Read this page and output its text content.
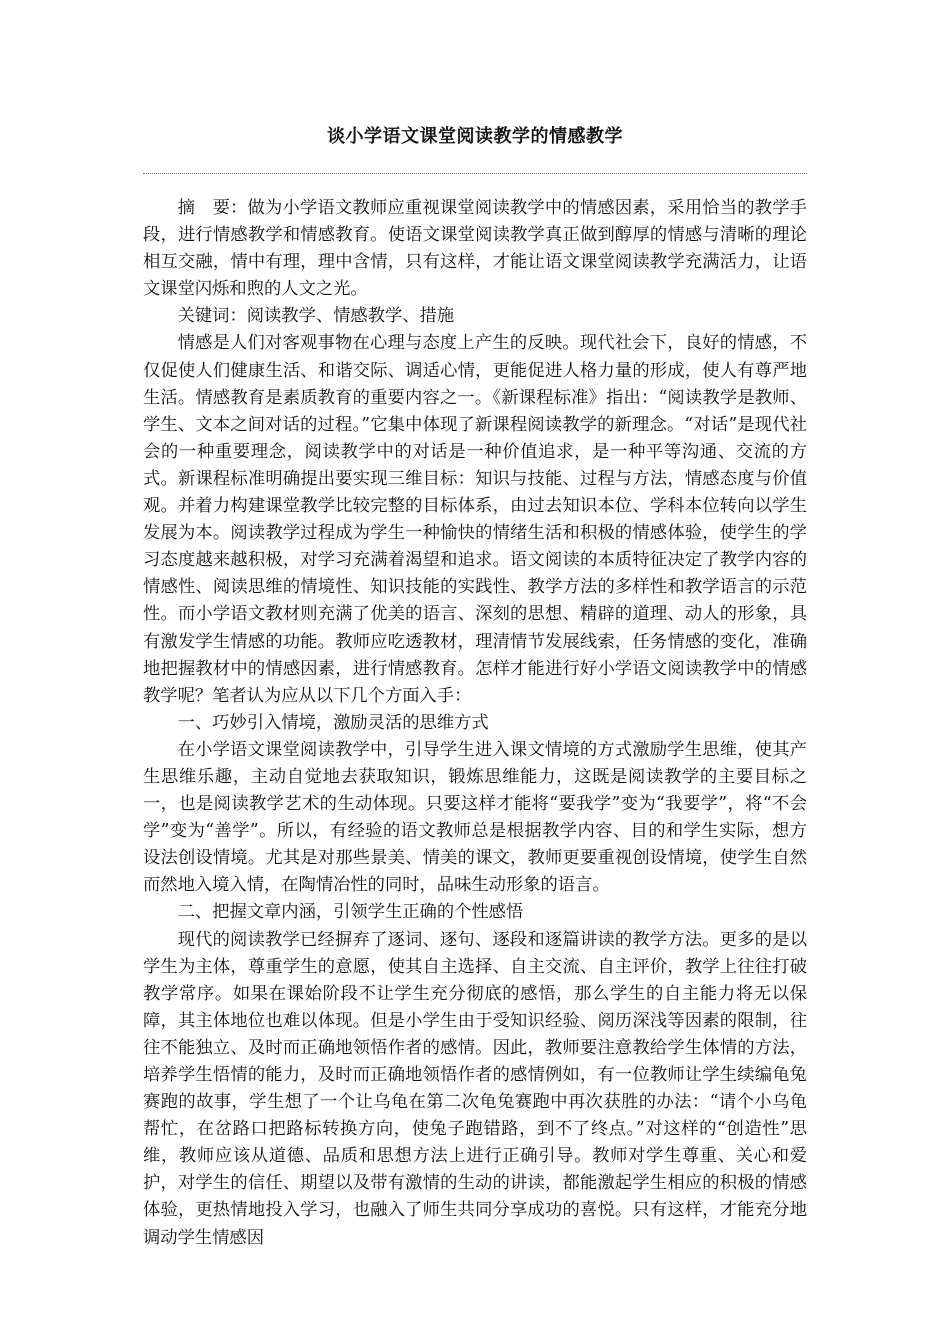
谈小学语文课堂阅读教学的情感教学

摘　要：做为小学语文教师应重视课堂阅读教学中的情感因素，采用恰当的教学手段，进行情感教学和情感教育。使语文课堂阅读教学真正做到醇厚的情感与清晰的理论相互交融，情中有理，理中含情，只有这样，才能让语文课堂阅读教学充满活力，让语文课堂闪烁和煦的人文之光。

关键词：阅读教学、情感教学、措施

情感是人们对客观事物在心理与态度上产生的反映。现代社会下，良好的情感，不仅促使人们健康生活、和谐交际、调适心情，更能促进人格力量的形成，使人有尊严地生活。情感教育是素质教育的重要内容之一。《新课程标准》指出：“阅读教学是教师、学生、文本之间对话的过程。”它集中体现了新课程阅读教学的新理念。“对话”是现代社会的一种重要理念，阅读教学中的对话是一种价值追求，是一种平等沟通、交流的方式。新课程标准明确提出要实现三维目标：知识与技能、过程与方法，情感态度与价值观。并着力构建课堂教学比较完整的目标体系，由过去知识本位、学科本位转向以学生发展为本。阅读教学过程成为学生一种愉快的情绪生活和积极的情感体验，使学生的学习态度越来越积极，对学习充满着渴望和追求。语文阅读的本质特征决定了教学内容的情感性、阅读思维的情境性、知识技能的实践性、教学方法的多样性和教学语言的示范性。而小学语文教材则充满了优美的语言、深刻的思想、精辟的道理、动人的形象，具有激发学生情感的功能。教师应吃透教材，理清情节发展线索，任务情感的变化，准确地把握教材中的情感因素，进行情感教育。怎样才能进行好小学语文阅读教学中的情感教学呢？笔者认为应从以下几个方面入手：

一、巧妙引入情境，激励灵活的思维方式

在小学语文课堂阅读教学中，引导学生进入课文情境的方式激励学生思维，使其产生思维乐趣，主动自觉地去获取知识，锻炼思维能力，这既是阅读教学的主要目标之一，也是阅读教学艺术的生动体现。只要这样才能将“要我学”变为“我要学”，将“不会学”变为“善学”。所以，有经验的语文教师总是根据教学内容、目的和学生实际，想方设法创设情境。尤其是对那些景美、情美的课文，教师更要重视创设情境，使学生自然而然地入境入情，在陶情冶性的同时，品味生动形象的语言。

二、把握文章内涵，引领学生正确的个性感悟

现代的阅读教学已经摒弃了逐词、逐句、逐段和逐篇讲读的教学方法。更多的是以学生为主体，尊重学生的意愿，使其自主选择、自主交流、自主评价，教学上往往打破教学常序。如果在课始阶段不让学生充分彻底的感悟，那么学生的自主能力将无以保障，其主体地位也难以体现。但是小学生由于受知识经验、阅历深浅等因素的限制，往往不能独立、及时而正确地领悟作者的感情。因此，教师要注意教给学生体情的方法，培养学生悟情的能力，及时而正确地领悟作者的感情例如，有一位教师让学生续编龟兔赛跑的故事，学生想了一个让乌龟在第二次龟兔赛跑中再次获胜的办法：“请个小乌龟帮忙，在岔路口把路标转换方向，使兔子跑错路，到不了终点。”对这样的“创造性”思维，教师应该从道德、品质和思想方法上进行正确引导。教师对学生尊重、关心和爱护，对学生的信任、期望以及带有激情的生动的讲读，都能激起学生相应的积极的情感体验，更热情地投入学习，也融入了师生共同分享成功的喜悦。只有这样，才能充分地调动学生情感因
